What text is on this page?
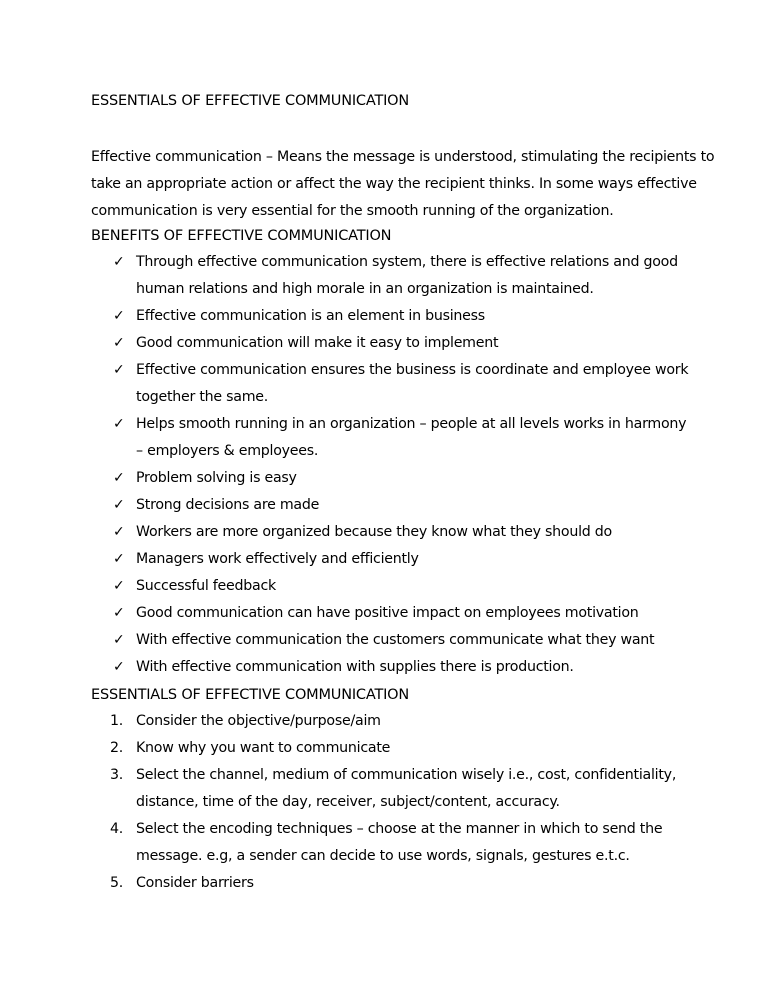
ESSENTIALS OF EFFECTIVE COMMUNICATION

Effective communication – Means the message is understood, stimulating the recipients to
take an appropriate action or affect the way the recipient thinks. In some ways effective
communication is very essential for the smooth running of the organization.

BENEFITS OF EFFECTIVE COMMUNICATION
✓ Through effective communication system, there is effective relations and good
human relations and high morale in an organization is maintained.
✓ Effective communication is an element in business
✓ Good communication will make it easy to implement
✓ Effective communication ensures the business is coordinate and employee work
together the same.
✓ Helps smooth running in an organization – people at all levels works in harmony
– employers & employees.
✓ Problem solving is easy
✓ Strong decisions are made
✓ Workers are more organized because they know what they should do
✓ Managers work effectively and efficiently
✓ Successful feedback
✓ Good communication can have positive impact on employees motivation
✓ With effective communication the customers communicate what they want
✓ With effective communication with supplies there is production.
ESSENTIALS OF EFFECTIVE COMMUNICATION
1. Consider the objective/purpose/aim
2. Know why you want to communicate
3. Select the channel, medium of communication wisely i.e., cost, confidentiality,
distance, time of the day, receiver, subject/content, accuracy.
4. Select the encoding techniques – choose at the manner in which to send the
message. e.g, a sender can decide to use words, signals, gestures e.t.c.
5. Consider barriers
